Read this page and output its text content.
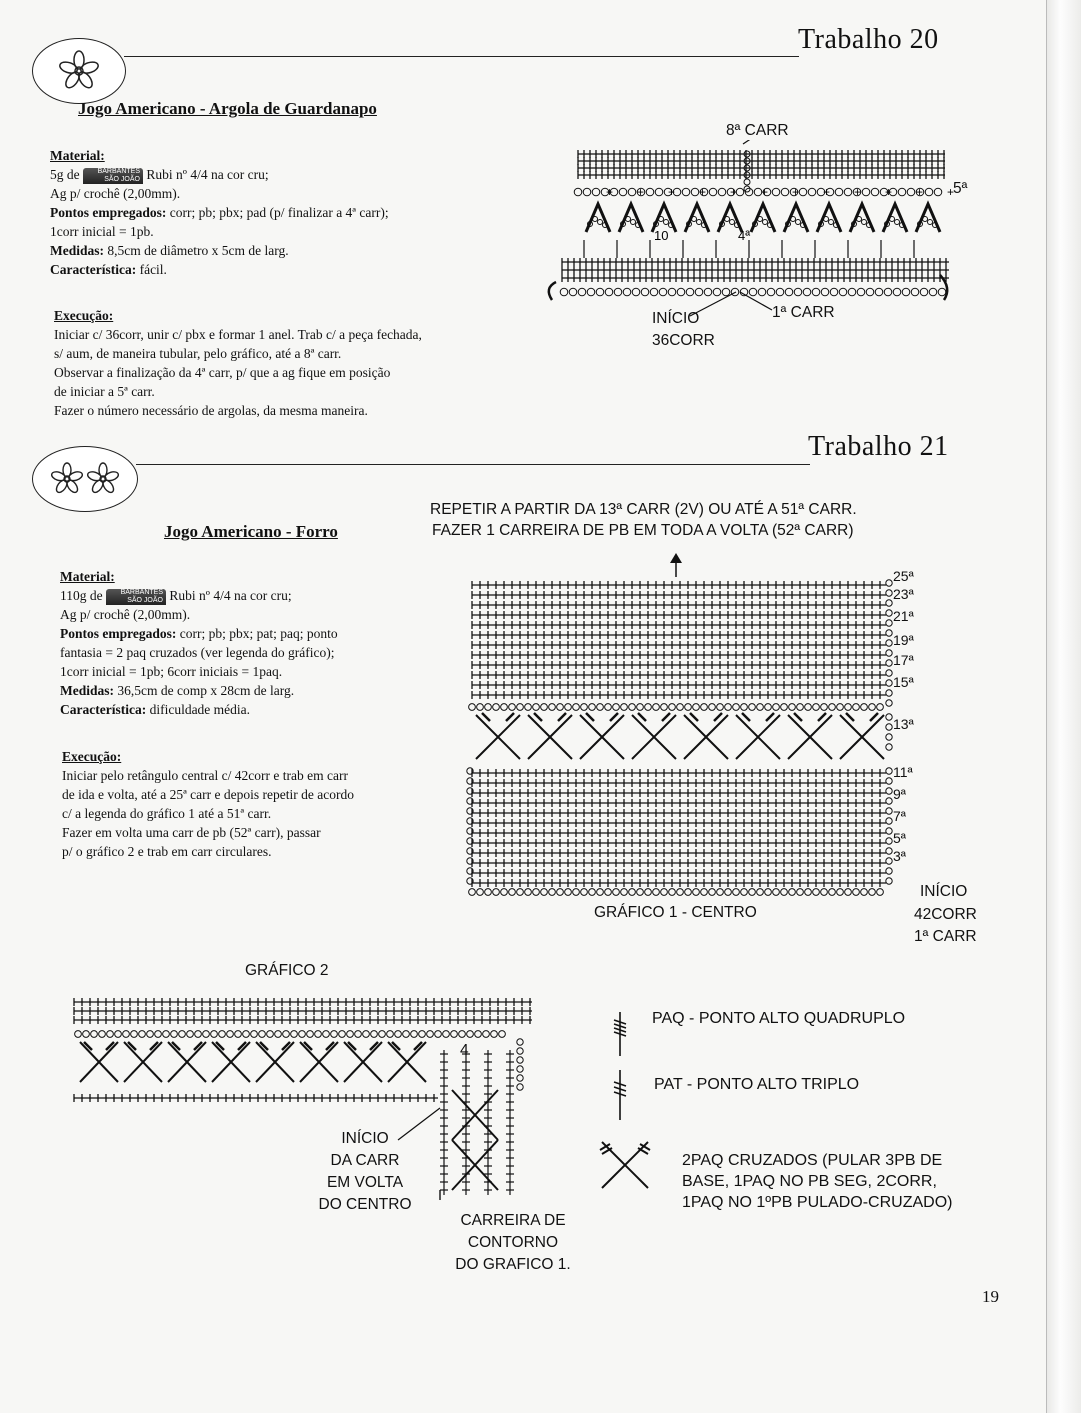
Trabalho 20
Jogo Americano - Argola de Guardanapo
Material:
5g de	BARBANTES SÃO JOÃO Rubi nº 4/4 na cor cru;
Ag p/ crochê (2,00mm).
Pontos empregados: corr; pb; pbx; pad (p/ finalizar a 4ª carr);
1corr inicial = 1pb.
Medidas: 8,5cm de diâmetro x 5cm de larg.
Característica: fácil.
Execução:
Iniciar c/ 36corr, unir c/ pbx e formar 1 anel. Trab c/ a peça fechada,
s/ aum, de maneira tubular, pelo gráfico, até a 8ª carr.
Observar a finalização da 4ª carr, p/ que a ag fique em posição
de iniciar a 5ª carr.
Fazer o número necessário de argolas, da mesma maneira.
8ª CARR
+ + + + + + + + + + + +
10	4ª
5ª
INÍCIO
36CORR
1ª CARR
Trabalho 21
Jogo Americano - Forro
Material:
110g de	BARBANTES SÃO JOÃO Rubi nº 4/4 na cor cru;
Ag p/ crochê (2,00mm).
Pontos empregados: corr; pb; pbx; pat; paq; ponto
fantasia = 2 paq cruzados (ver legenda do gráfico);
1corr inicial = 1pb; 6corr iniciais = 1paq.
Medidas: 36,5cm de comp x 28cm de larg.
Característica: dificuldade média.
Execução:
Iniciar pelo retângulo central c/ 42corr e trab em carr
de ida e volta, até a 25ª carr e depois repetir de acordo
c/ a legenda do gráfico 1 até a 51ª carr.
Fazer em volta uma carr de pb (52ª carr), passar
p/ o gráfico 2 e trab em carr circulares.
REPETIR A PARTIR DA 13ª CARR (2V) OU ATÉ A 51ª CARR.
FAZER 1 CARREIRA DE PB EM TODA A VOLTA (52ª CARR)
25ª
23ª
21ª
19ª
17ª
15ª
13ª
11ª
9ª
7ª
5ª
3ª
GRÁFICO 1 - CENTRO
INÍCIO
42CORR
1ª CARR
GRÁFICO 2
4
INÍCIO
DA CARR
EM VOLTA
DO CENTRO
CARREIRA DE
CONTORNO
DO GRAFICO 1.
PAQ - PONTO ALTO QUADRUPLO
PAT - PONTO ALTO TRIPLO
2PAQ CRUZADOS (PULAR 3PB DE
BASE, 1PAQ NO PB SEG, 2CORR,
1PAQ NO 1ºPB PULADO-CRUZADO)
19
